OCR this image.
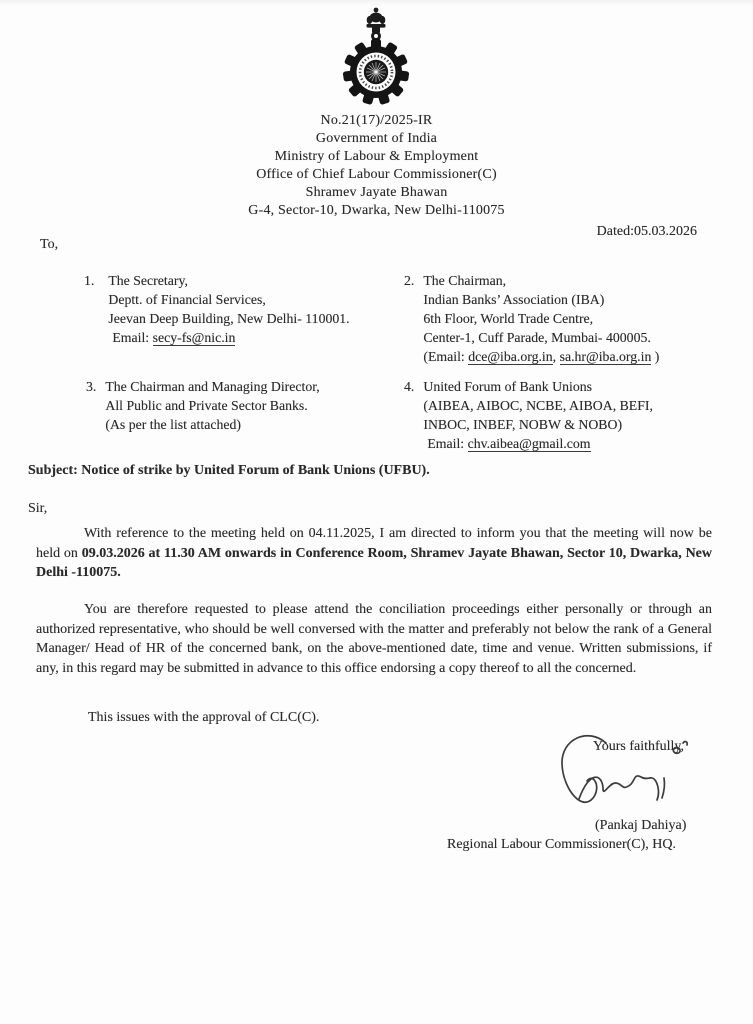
No.21(17)/2025-IR
Government of India
Ministry of Labour & Employment
Office of Chief Labour Commissioner(C)
Shramev Jayate Bhawan
G-4, Sector-10, Dwarka, New Delhi-110075
Dated:05.03.2026
To,
1. The Secretary,
Deptt. of Financial Services,
Jeevan Deep Building, New Delhi- 110001.
Email: secy-fs@nic.in
2. The Chairman,
Indian Banks’ Association (IBA)
6th Floor, World Trade Centre,
Center-1, Cuff Parade, Mumbai- 400005.
(Email: dce@iba.org.in, sa.hr@iba.org.in )
3. The Chairman and Managing Director,
All Public and Private Sector Banks.
(As per the list attached)
4. United Forum of Bank Unions
(AIBEA, AIBOC, NCBE, AIBOA, BEFI,
INBOC, INBEF, NOBW & NOBO)
Email: chv.aibea@gmail.com
Subject: Notice of strike by United Forum of Bank Unions (UFBU).
Sir,
With reference to the meeting held on 04.11.2025, I am directed to inform you that the meeting will now be held on 09.03.2026 at 11.30 AM onwards in Conference Room, Shramev Jayate Bhawan, Sector 10, Dwarka, New Delhi -110075.
You are therefore requested to please attend the conciliation proceedings either personally or through an authorized representative, who should be well conversed with the matter and preferably not below the rank of a General Manager/ Head of HR of the concerned bank, on the above-mentioned date, time and venue. Written submissions, if any, in this regard may be submitted in advance to this office endorsing a copy thereof to all the concerned.
This issues with the approval of CLC(C).
Yours faithfully,
(Pankaj Dahiya)
Regional Labour Commissioner(C), HQ.
